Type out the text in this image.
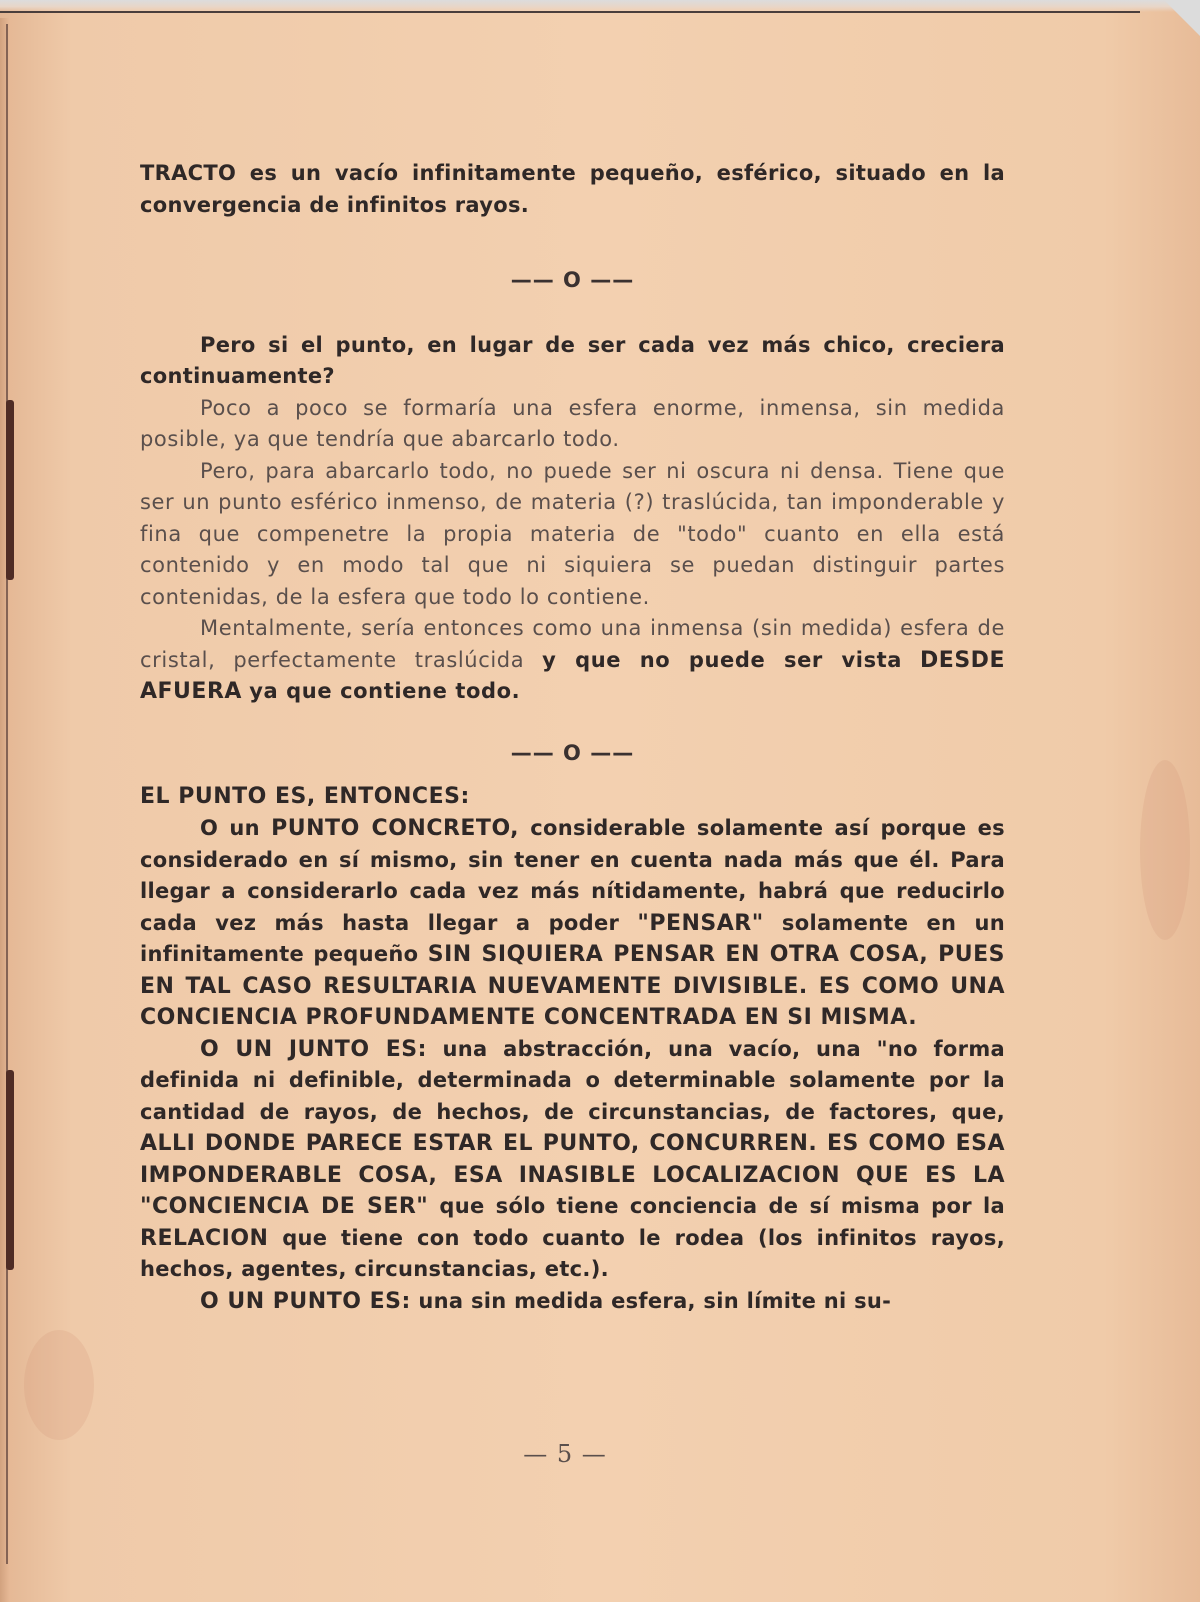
TRACTO es un vacío infinitamente pequeño, esférico, situado en la convergencia de infinitos rayos.

—— O ——

Pero si el punto, en lugar de ser cada vez más chico, creciera continuamente?

Poco a poco se formaría una esfera enorme, inmensa, sin medida posible, ya que tendría que abarcarlo todo.

Pero, para abarcarlo todo, no puede ser ni oscura ni densa. Tiene que ser un punto esférico inmenso, de materia (?) traslúcida, tan imponderable y fina que compenetre la propia materia de "todo" cuanto en ella está contenido y en modo tal que ni siquiera se puedan distinguir partes contenidas, de la esfera que todo lo contiene.

Mentalmente, sería entonces como una inmensa (sin medida) esfera de cristal, perfectamente traslúcida y que no puede ser vista DESDE AFUERA ya que contiene todo.

—— O ——

EL PUNTO ES, ENTONCES:

O un PUNTO CONCRETO, considerable solamente así porque es considerado en sí mismo, sin tener en cuenta nada más que él. Para llegar a considerarlo cada vez más nítidamente, habrá que reducirlo cada vez más hasta llegar a poder "PENSAR" solamente en un infinitamente pequeño SIN SIQUIERA PENSAR EN OTRA COSA, PUES EN TAL CASO RESULTARIA NUEVAMENTE DIVISIBLE. ES COMO UNA CONCIENCIA PROFUNDAMENTE CONCENTRADA EN SI MISMA.

O UN JUNTO ES: una abstracción, una vacío, una "no forma definida ni definible, determinada o determinable solamente por la cantidad de rayos, de hechos, de circunstancias, de factores, que, ALLI DONDE PARECE ESTAR EL PUNTO, CONCURREN. ES COMO ESA IMPONDERABLE COSA, ESA INASIBLE LOCALIZACION QUE ES LA "CONCIENCIA DE SER" que sólo tiene conciencia de sí misma por la RELACION que tiene con todo cuanto le rodea (los infinitos rayos, hechos, agentes, circunstancias, etc.).

O UN PUNTO ES: una sin medida esfera, sin límite ni su-

— 5 —
